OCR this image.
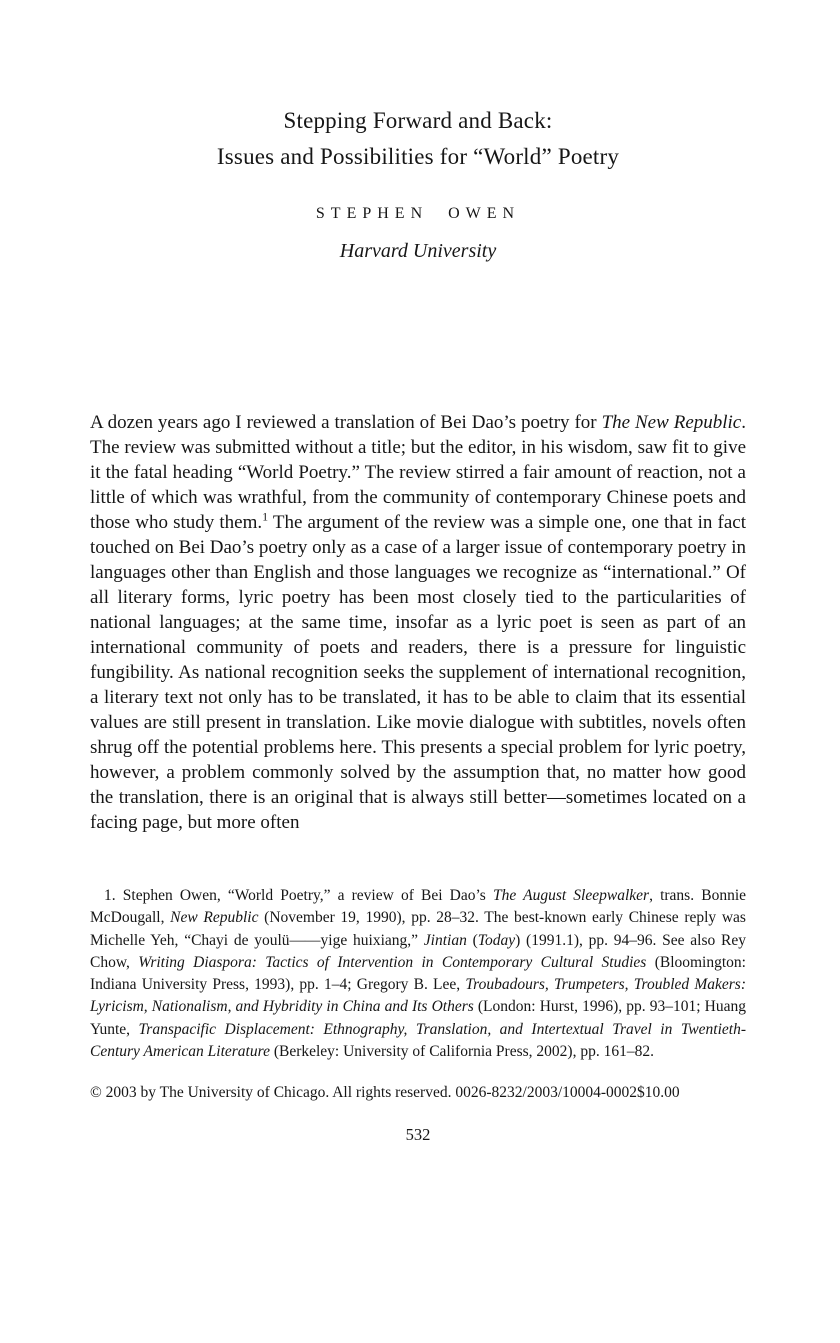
Stepping Forward and Back:
Issues and Possibilities for “World” Poetry
STEPHEN OWEN
Harvard University

A dozen years ago I reviewed a translation of Bei Dao’s poetry for The New Republic. The review was submitted without a title; but the editor, in his wisdom, saw fit to give it the fatal heading “World Poetry.” The review stirred a fair amount of reaction, not a little of which was wrathful, from the community of contemporary Chinese poets and those who study them.$^1$ The argument of the review was a simple one, one that in fact touched on Bei Dao’s poetry only as a case of a larger issue of contemporary poetry in languages other than English and those languages we recognize as “international.” Of all literary forms, lyric poetry has been most closely tied to the particularities of national languages; at the same time, insofar as a lyric poet is seen as part of an international community of poets and readers, there is a pressure for linguistic fungibility. As national recognition seeks the supplement of international recognition, a literary text not only has to be translated, it has to be able to claim that its essential values are still present in translation. Like movie dialogue with subtitles, novels often shrug off the potential problems here. This presents a special problem for lyric poetry, however, a problem commonly solved by the assumption that, no matter how good the translation, there is an original that is always still better—sometimes located on a facing page, but more often

1. Stephen Owen, “World Poetry,” a review of Bei Dao’s The August Sleepwalker, trans. Bonnie McDougall, New Republic (November 19, 1990), pp. 28–32. The best-known early Chinese reply was Michelle Yeh, “Chayi de youlü——yige huixiang,” Jintian (Today) (1991.1), pp. 94–96. See also Rey Chow, Writing Diaspora: Tactics of Intervention in Contemporary Cultural Studies (Bloomington: Indiana University Press, 1993), pp. 1–4; Gregory B. Lee, Troubadours, Trumpeters, Troubled Makers: Lyricism, Nationalism, and Hybridity in China and Its Others (London: Hurst, 1996), pp. 93–101; Huang Yunte, Transpacific Displacement: Ethnography, Translation, and Intertextual Travel in Twentieth-Century American Literature (Berkeley: University of California Press, 2002), pp. 161–82.

© 2003 by The University of Chicago. All rights reserved. 0026-8232/2003/10004-0002$10.00

532
